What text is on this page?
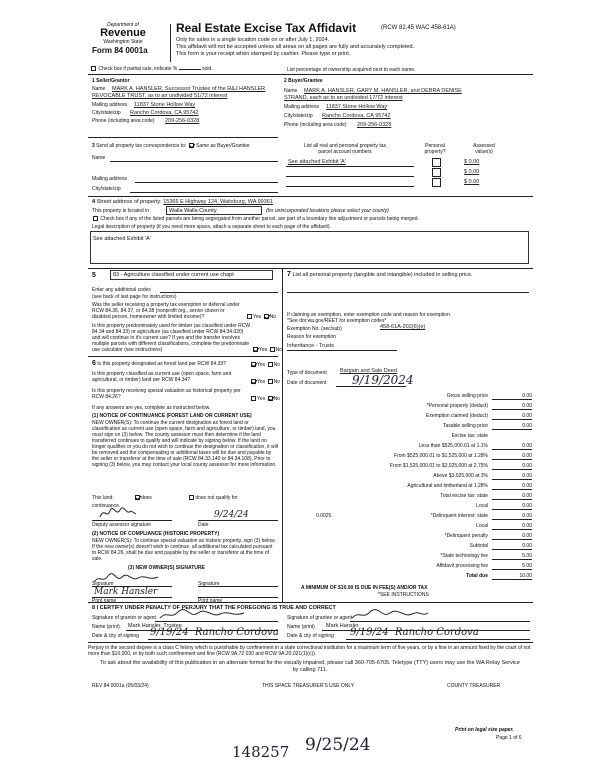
Department of
Revenue
Washington State
Form 84 0001a
Real Estate Excise Tax Affidavit	(RCW 82.45 WAC 458-61A)
Only for sales in a single location code on or after July 1, 2024.
This affidavit will not be accepted unless all areas on all pages are fully and accurately completed.
This form is your receipt when stamped by cashier. Please type or print.
Check box if partial sale, indicate %	sold.	List percentage of ownership acquired next to each name.
1 Seller/Grantor
Name MARK A. HANSLER, Successor Trustee of the R&J HANSLER
REVOCABLE TRUST, as to an undivided 51/72 interest
Mailing address 11837 Stone Hollow Way
City/state/zip Rancho Cordova, CA 95742
Phone (including area code) 209-256-0328
2 Buyer/Grantee
Name MARK A. HANSLER, GARY M. HANSLER, and DEBRA DENISE
STRAND, each as to an undivided 17/72 interest
Mailing address 11837 Stone Hollow Way
City/state/zip Rancho Cordova, CA 95742
Phone (including area code) 209-256-0328
3 Send all property tax correspondence to: Same as Buyer/Grantee
Name
Mailing address
City/state/zip
List all real and personal property tax
parcel account numbers
Personal property?
Assessed value(s)
See attached Exhibit 'A'	$ 0.00
$ 0.00
$ 0.00
4 Street address of property: 15366 E Highway 124, Waitsburg, WA 99361
This property is located in	Walla Walla County	(for unincorporated locations please select your county)
Check box if any of the listed parcels are being segregated from another parcel, are part of a boundary line adjustment or parcels being merged.
Legal description of property (if you need more space, attach a separate sheet to each page of the affidavit).
See attached Exhibit 'A'
5	83 - Agriculture classified under current use chapt
Enter any additional codes
(see back of last page for instructions)
Was the seller receiving a property tax exemption or deferral under RCW 84.36, 84.37, or 84.38 (nonprofit org., senior citizen or disabled person, homeowner with limited income)?	Yes No
Is this property predominately used for timber (as classified under RCW 84.34 and 84.33) or agriculture (as classified under RCW 84.34.020) and will continue in it's current use? If yes and the transfer involves multiple parcels with different classifications, complete the predominate use calculator (see instructions)	Yes No
6 Is this property designated as forest land per RCW 84.33?	Yes No
Is this property classified as current use (open space, farm and agricultural, or timber) land per RCW 84.34?	Yes No
Is this property receiving special valuation as historical property per RCW 84.26?	Yes No
If any answers are yes, complete as instructed below.
(1) NOTICE OF CONTINUANCE (FOREST LAND OR CURRENT USE)
NEW OWNER(S): To continue the current designation as forest land or classification as current use (open space, farm and agriculture, or timber) land, you must sign on (3) below. The county assessor must then determine if the land transferred continues to qualify and will indicate by signing below. If the land no longer qualifies or you do not wish to continue the designation or classification, it will be removed and the compensating or additional taxes will be due and payable by the seller or transferor at the time of sale (RCW 84.33.140 or 84.34.108). Prior to signing (3) below, you may contact your local county assessor for more information.
This land:	does	does not qualify for
continuance.
9/24/24
Deputy assessor signature	Date
(2) NOTICE OF COMPLIANCE (HISTORIC PROPERTY)
NEW OWNER(S): To continue special valuation as historic property, sign (3) below. If the new owner(s) doesn't wish to continue, all additional tax calculated pursuant to RCW 84.26, shall be due and payable by the seller or transferor at the time of sale.
(3) NEW OWNER(S) SIGNATURE
Signature	Signature
Mark Hansler
Print name	Print name
7 List all personal property (tangible and intangible) included in selling price.
If claiming an exemption, enter exemption code and reason for exemption. *See dor.wa.gov/REET for exemption codes*
Exemption No. (sec/sub)	458-61A-202(6)(e)
Reason for exemption
Inheritance - Trusts
Type of document Bargain and Sale Deed
Date of document 9/19/2024
Gross selling price	0.00
*Personal property (deduct)	0.00
Exemption claimed (deduct)	0.00
Taxable selling price	0.00
Excise tax: state
Less than $525,000.01 at 1.1%	0.00
From $525,000.01 to $1,525,000 at 1.28%	0.00
From $1,525,000.01 to $3,025,000 at 2.75%	0.00
Above $3,025,000 at 3%	0.00
Agricultural and timberland at 1.28%	0.00
Total excise tax: state	0.00
Local	0.00
*Delinquent interest: state	0.00
Local	0.00
*Delinquent penalty	0.00
Subtotal	0.00
*State technology fee	5.00
Affidavit processing fee	5.00
Total due	10.00
0.0025
A MINIMUM OF $10.00 IS DUE IN FEE(S) AND/OR TAX
*SEE INSTRUCTIONS
8 I CERTIFY UNDER PENALTY OF PERJURY THAT THE FOREGOING IS TRUE AND CORRECT
Signature of grantor or agent	Signature of grantee or agent
Name (print) Mark Hansler, Trustee	Name (print) Mark Hansler
Date & city of signing 9/19/24  Rancho Cordova Date & city of signing 9/19/24  Rancho Cordova
Perjury in the second degree is a class C felony which is punishable by confinement in a state correctional institution for a maximum term of five years, or by a fine in an amount fixed by the court of not more than $10,000, or by both such confinement and fine (RCW 9A.72.030 and RCW 9A.20.021(1)(c)).
To ask about the availability of this publication in an alternate format for the visually impaired, please call 360-705-6705. Teletype (TTY) users may use the WA Relay Service by calling 711.
REV 84 0001a (05/03/24)	THIS SPACE TREASURER'S USE ONLY	COUNTY TREASURER
Print on legal size paper.
Page 1 of 6
148257 9/25/24
